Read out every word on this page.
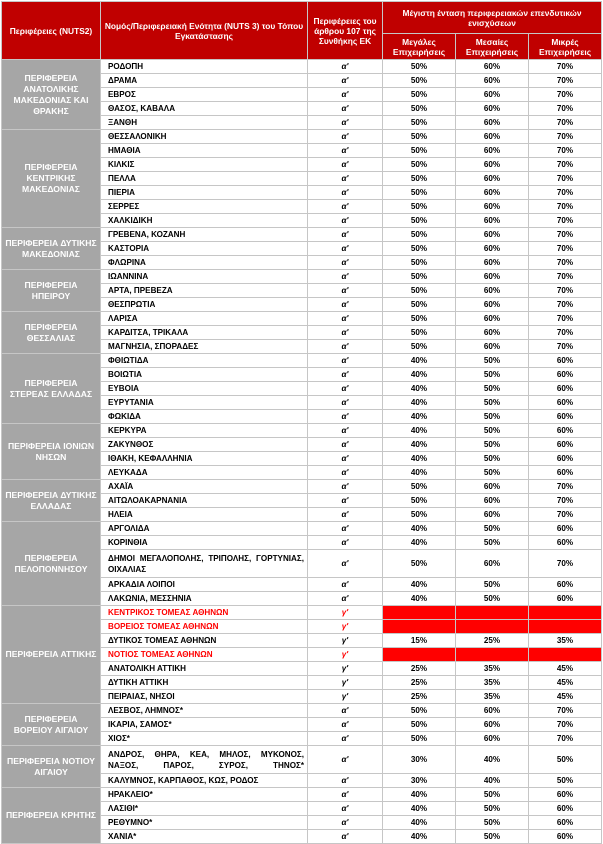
Περιφέρειες (NUTS2)	Νομός/Περιφερειακή Ενότητα (NUTS 3) του Τόπου Εγκατάστασης	Περιφέρειες του άρθρου 107 της Συνθήκης ΕΚ	Μέγιστη ένταση περιφερειακών επενδυτικών ενισχύσεων		
			Μεγάλες Επιχειρήσεις	Μεσαίες Επιχειρήσεις	Μικρές Επιχειρήσεις
ΠΕΡΙΦΕΡΕΙΑ ΑΝΑΤΟΛΙΚΗΣ ΜΑΚΕΔΟΝΙΑΣ ΚΑΙ ΘΡΑΚΗΣ	ΡΟΔΟΠΗ	α'	50%	60%	70%
	ΔΡΑΜΑ	α'	50%	60%	70%
	ΕΒΡΟΣ	α'	50%	60%	70%
	ΘΑΣΟΣ, ΚΑΒΑΛΑ	α'	50%	60%	70%
	ΞΑΝΘΗ	α'	50%	60%	70%
ΠΕΡΙΦΕΡΕΙΑ ΚΕΝΤΡΙΚΗΣ ΜΑΚΕΔΟΝΙΑΣ	ΘΕΣΣΑΛΟΝΙΚΗ	α'	50%	60%	70%
	ΗΜΑΘΙΑ	α'	50%	60%	70%
	ΚΙΛΚΙΣ	α'	50%	60%	70%
	ΠΕΛΛΑ	α'	50%	60%	70%
	ΠΙΕΡΙΑ	α'	50%	60%	70%
	ΣΕΡΡΕΣ	α'	50%	60%	70%
	ΧΑΛΚΙΔΙΚΗ	α'	50%	60%	70%
ΠΕΡΙΦΕΡΕΙΑ ΔΥΤΙΚΗΣ ΜΑΚΕΔΟΝΙΑΣ	ΓΡΕΒΕΝΑ, ΚΟΖΑΝΗ	α'	50%	60%	70%
	ΚΑΣΤΟΡΙΑ	α'	50%	60%	70%
	ΦΛΩΡΙΝΑ	α'	50%	60%	70%
ΠΕΡΙΦΕΡΕΙΑ ΗΠΕΙΡΟΥ	ΙΩΑΝΝΙΝΑ	α'	50%	60%	70%
	ΑΡΤΑ, ΠΡΕΒΕΖΑ	α'	50%	60%	70%
	ΘΕΣΠΡΩΤΙΑ	α'	50%	60%	70%
ΠΕΡΙΦΕΡΕΙΑ ΘΕΣΣΑΛΙΑΣ	ΛΑΡΙΣΑ	α'	50%	60%	70%
	ΚΑΡΔΙΤΣΑ, ΤΡΙΚΑΛΑ	α'	50%	60%	70%
	ΜΑΓΝΗΣΙΑ, ΣΠΟΡΑΔΕΣ	α'	50%	60%	70%
ΠΕΡΙΦΕΡΕΙΑ ΣΤΕΡΕΑΣ ΕΛΛΑΔΑΣ	ΦΘΙΩΤΙΔΑ	α'	40%	50%	60%
	ΒΟΙΩΤΙΑ	α'	40%	50%	60%
	ΕΥΒΟΙΑ	α'	40%	50%	60%
	ΕΥΡΥΤΑΝΙΑ	α'	40%	50%	60%
	ΦΩΚΙΔΑ	α'	40%	50%	60%
ΠΕΡΙΦΕΡΕΙΑ ΙΟΝΙΩΝ ΝΗΣΩΝ	ΚΕΡΚΥΡΑ	α'	40%	50%	60%
	ΖΑΚΥΝΘΟΣ	α'	40%	50%	60%
	ΙΘΑΚΗ, ΚΕΦΑΛΛΗΝΙΑ	α'	40%	50%	60%
	ΛΕΥΚΑΔΑ	α'	40%	50%	60%
ΠΕΡΙΦΕΡΕΙΑ ΔΥΤΙΚΗΣ ΕΛΛΑΔΑΣ	ΑΧΑΪΑ	α'	50%	60%	70%
	ΑΙΤΩΛΟΑΚΑΡΝΑΝΙΑ	α'	50%	60%	70%
	ΗΛΕΙΑ	α'	50%	60%	70%
ΠΕΡΙΦΕΡΕΙΑ ΠΕΛΟΠΟΝΝΗΣΟΥ	ΑΡΓΟΛΙΔΑ	α'	40%	50%	60%
	ΚΟΡΙΝΘΙΑ	α'	40%	50%	60%
	ΔΗΜΟΙ ΜΕΓΑΛΟΠΟΛΗΣ, ΤΡΙΠΟΛΗΣ, ΓΟΡΤΥΝΙΑΣ, ΟΙΧΑΛΙΑΣ	α'	50%	60%	70%
	ΑΡΚΑΔΙΑ ΛΟΙΠΟΙ	α'	40%	50%	60%
	ΛΑΚΩΝΙΑ, ΜΕΣΣΗΝΙΑ	α'	40%	50%	60%
ΠΕΡΙΦΕΡΕΙΑ ΑΤΤΙΚΗΣ	ΚΕΝΤΡΙΚΟΣ ΤΟΜΕΑΣ ΑΘΗΝΩΝ	γ'			
	ΒΟΡΕΙΟΣ ΤΟΜΕΑΣ ΑΘΗΝΩΝ	γ'			
	ΔΥΤΙΚΟΣ ΤΟΜΕΑΣ ΑΘΗΝΩΝ	γ'	15%	25%	35%
	ΝΟΤΙΟΣ ΤΟΜΕΑΣ ΑΘΗΝΩΝ	γ'			
	ΑΝΑΤΟΛΙΚΗ ΑΤΤΙΚΗ	γ'	25%	35%	45%
	ΔΥΤΙΚΗ ΑΤΤΙΚΗ	γ'	25%	35%	45%
	ΠΕΙΡΑΙΑΣ, ΝΗΣΟΙ	γ'	25%	35%	45%
ΠΕΡΙΦΕΡΕΙΑ ΒΟΡΕΙΟΥ ΑΙΓΑΙΟΥ	ΛΕΣΒΟΣ, ΛΗΜΝΟΣ*	α'	50%	60%	70%
	ΙΚΑΡΙΑ, ΣΑΜΟΣ*	α'	50%	60%	70%
	ΧΙΟΣ*	α'	50%	60%	70%
ΠΕΡΙΦΕΡΕΙΑ ΝΟΤΙΟΥ ΑΙΓΑΙΟΥ	ΑΝΔΡΟΣ, ΘΗΡΑ, ΚΕΑ, ΜΗΛΟΣ, ΜΥΚΟΝΟΣ, ΝΑΞΟΣ, ΠΑΡΟΣ, ΣΥΡΟΣ, ΤΗΝΟΣ*	α'	30%	40%	50%
	ΚΑΛΥΜΝΟΣ, ΚΑΡΠΑΘΟΣ, ΚΩΣ, ΡΟΔΟΣ	α'	30%	40%	50%
ΠΕΡΙΦΕΡΕΙΑ ΚΡΗΤΗΣ	ΗΡΑΚΛΕΙΟ*	α'	40%	50%	60%
	ΛΑΣΙΘΙ*	α'	40%	50%	60%
	ΡΕΘΥΜΝΟ*	α'	40%	50%	60%
	ΧΑΝΙΑ*	α'	40%	50%	60%
